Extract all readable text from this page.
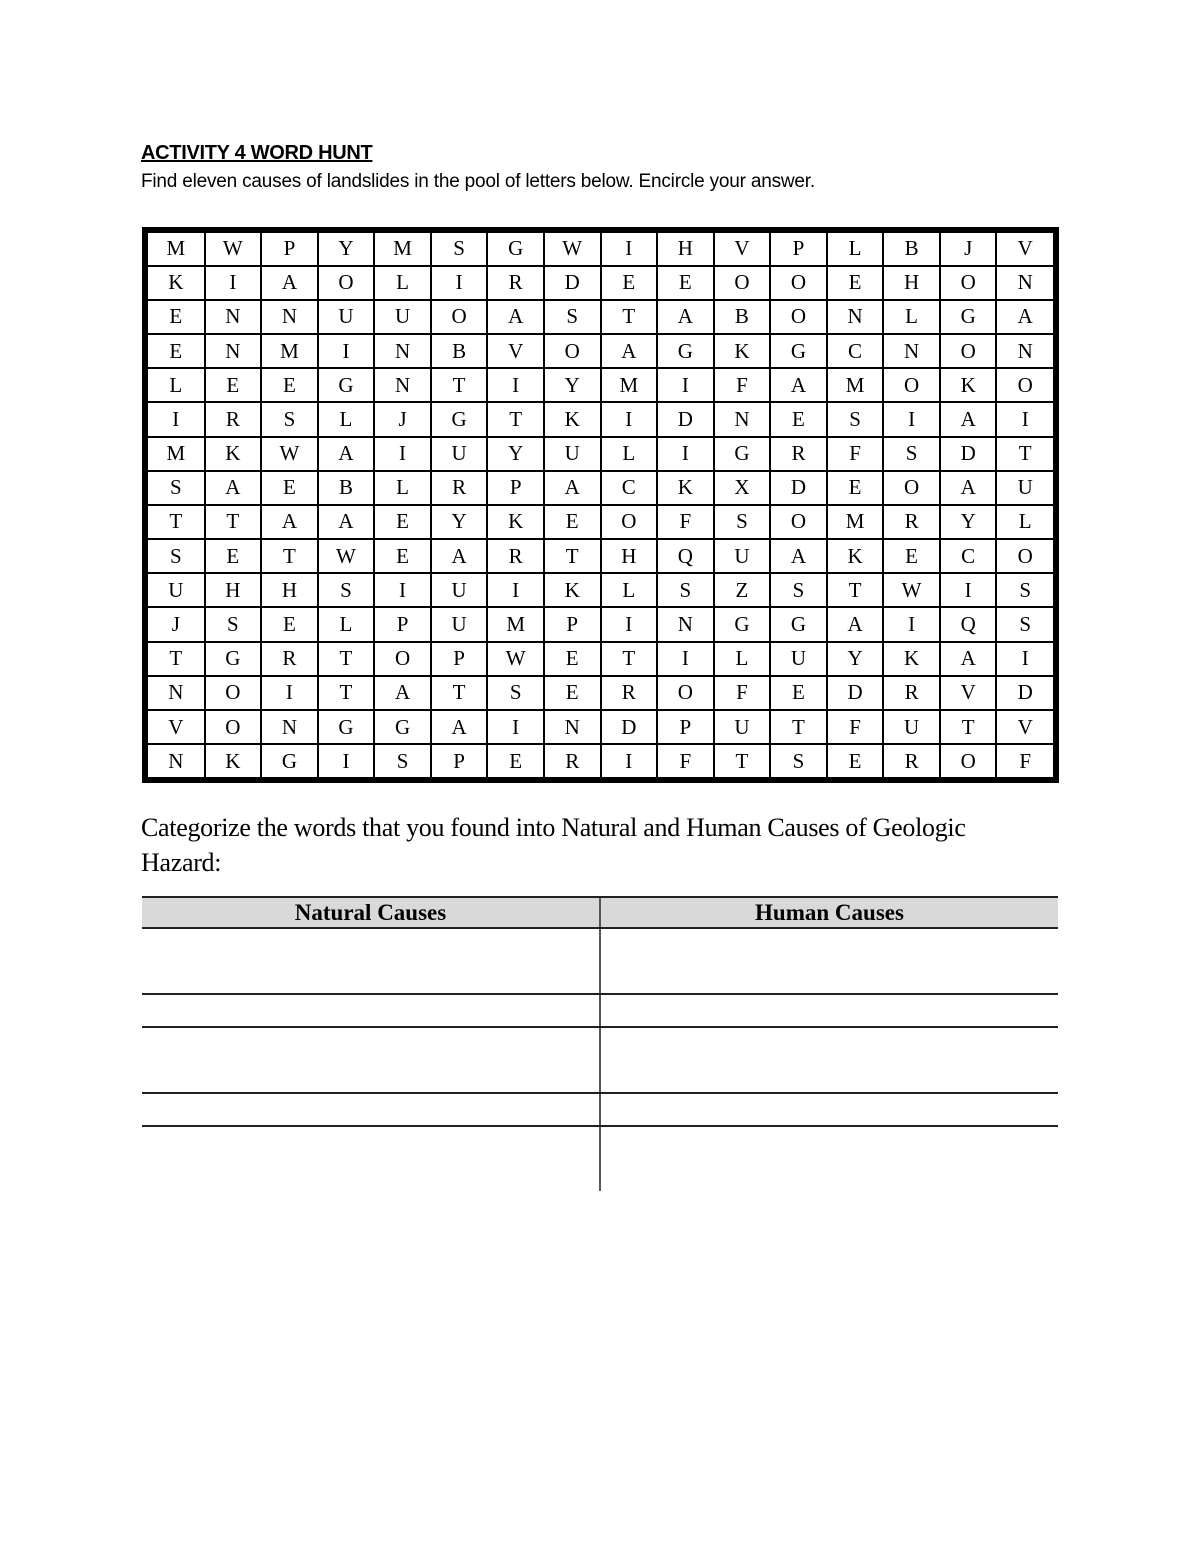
ACTIVITY 4 WORD HUNT
Find eleven causes of landslides in the pool of letters below. Encircle your answer.
M	W	P	Y	M	S	G	W	I	H	V	P	L	B	J	V
K	I	A	O	L	I	R	D	E	E	O	O	E	H	O	N
E	N	N	U	U	O	A	S	T	A	B	O	N	L	G	A
E	N	M	I	N	B	V	O	A	G	K	G	C	N	O	N
L	E	E	G	N	T	I	Y	M	I	F	A	M	O	K	O
I	R	S	L	J	G	T	K	I	D	N	E	S	I	A	I
M	K	W	A	I	U	Y	U	L	I	G	R	F	S	D	T
S	A	E	B	L	R	P	A	C	K	X	D	E	O	A	U
T	T	A	A	E	Y	K	E	O	F	S	O	M	R	Y	L
S	E	T	W	E	A	R	T	H	Q	U	A	K	E	C	O
U	H	H	S	I	U	I	K	L	S	Z	S	T	W	I	S
J	S	E	L	P	U	M	P	I	N	G	G	A	I	Q	S
T	G	R	T	O	P	W	E	T	I	L	U	Y	K	A	I
N	O	I	T	A	T	S	E	R	O	F	E	D	R	V	D
V	O	N	G	G	A	I	N	D	P	U	T	F	U	T	V
N	K	G	I	S	P	E	R	I	F	T	S	E	R	O	F
Categorize the words that you found into Natural and Human Causes of Geologic Hazard:
Natural Causes	Human Causes
